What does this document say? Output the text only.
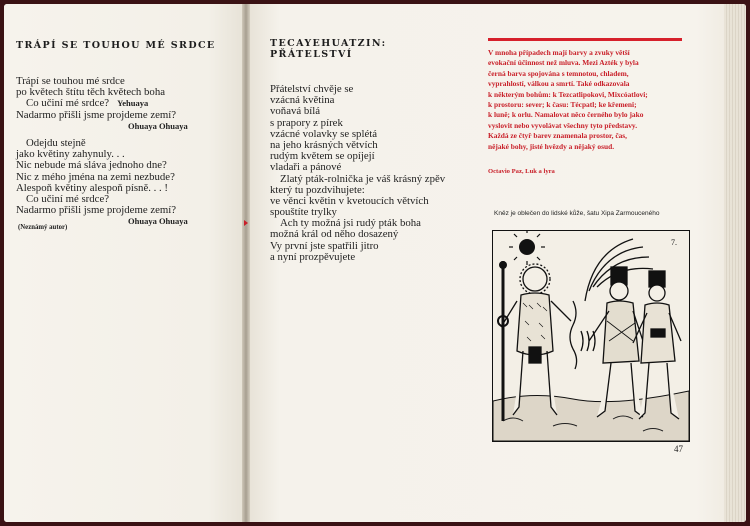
TRÁPÍ SE TOUHOU MÉ SRDCE
Trápí se touhou mé srdce
po květech štítu těch květech boha
Co učiní mé srdce? Yehuaya
Nadarmo přišli jsme projdeme zemí?
Ohuaya Ohuaya
Odejdu stejně
jako květiny zahynuly. . .
Nic nebude má sláva jednoho dne?
Nic z mého jména na zemi nezbude?
Alespoň květiny alespoň písně. . . !
Co učiní mé srdce?
Nadarmo přišli jsme projdeme zemí?
Ohuaya Ohuaya
(Neznámý autor)
TECAYEHUATZIN:
PŘÁTELSTVÍ
Přátelství chvěje se
vzácná květina
voňavá bílá
s prapory z pírek
vzácné volavky se splétá
na jeho krásných větvích
rudým květem se opíjejí
vladaři a pánové
Zlatý pták-rolnička je váš krásný zpěv
který tu pozdvihujete:
ve věnci květin v kvetoucích větvích
spouštíte trylky
Ach ty možná jsi rudý pták boha
možná král od něho dosazený
Vy první jste spatřili jitro
a nyní prozpěvujete
V mnoha případech mají barvy a zvuky větší
evokační účinnost než mluva. Mezi Azték y byla
černá barva spojována s temnotou, chladem,
vyprahlostí, válkou a smrtí. Také odkazovala
k některým bohům: k Tezcatlipokovi, Mixcóatlovi;
k prostoru: sever; k času: Técpatl; ke křemeni;
k luně; k orlu. Namalovat něco černého bylo jako
vyslovit nebo vyvolávat všechny tyto představy.
Každá ze čtyř barev znamenala prostor, čas,
nějaké bohy, jisté hvězdy a nějaký osud.
Octavio Paz, Luk a lyra
Kněz je oblečen do lidské kůže, šatu Xipa Zarmouceného
7.
47
